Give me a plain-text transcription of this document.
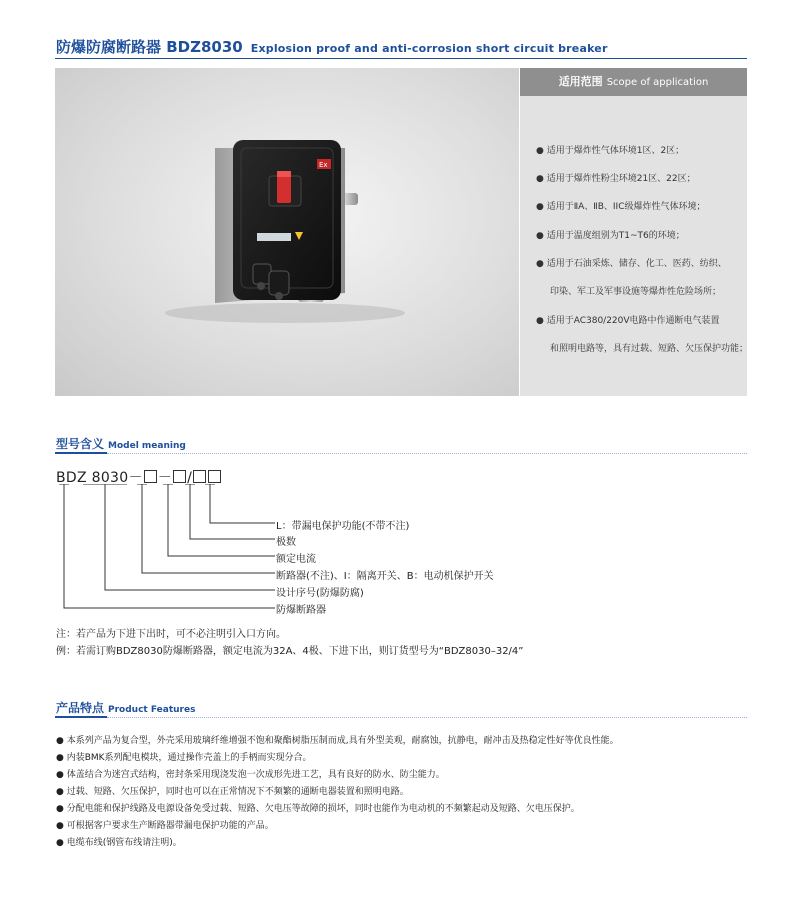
防爆防腐断路器 BDZ8030 Explosion proof and anti-corrosion short circuit breaker
Ex
适用范围 Scope of application
● 适用于爆炸性气体环境1区、2区；
● 适用于爆炸性粉尘环境21区、22区；
● 适用于ⅡA、ⅡB、IIC级爆炸性气体环境；
● 适用于温度组别为T1~T6的环境；
● 适用于石油采炼、储存、化工、医药、纺织、
印染、军工及军事设施等爆炸性危险场所；
● 适用于AC380/220V电路中作通断电气装置
和照明电路等，具有过载、短路、欠压保护功能；
型号含义 Model meaning
BDZ 8030－ － /
L：带漏电保护功能(不带不注)
极数
额定电流
断路器(不注)、I：隔离开关、B：电动机保护开关
设计序号(防爆防腐)
防爆断路器
注：若产品为下进下出时，可不必注明引入口方向。
例：若需订购BDZ8030防爆断路器，额定电流为32A、4极、下进下出，则订货型号为“BDZ8030–32/4”
产品特点 Product Features
● 本系列产品为复合型，外壳采用玻璃纤维增强不饱和聚酯树脂压制而成,具有外型美观，耐腐蚀，抗静电，耐冲击及热稳定性好等优良性能。
● 内装BMK系列配电模块，通过操作壳盖上的手柄而实现分合。
● 体盖结合为迷宫式结构，密封条采用现浇发泡一次成形先进工艺，具有良好的防水、防尘能力。
● 过载、短路、欠压保护，同时也可以在正常情况下不频繁的通断电器装置和照明电路。
● 分配电能和保护线路及电源设备免受过载、短路、欠电压等故障的损坏，同时也能作为电动机的不频繁起动及短路、欠电压保护。
● 可根据客户要求生产断路器带漏电保护功能的产品。
● 电缆布线(钢管布线请注明)。
